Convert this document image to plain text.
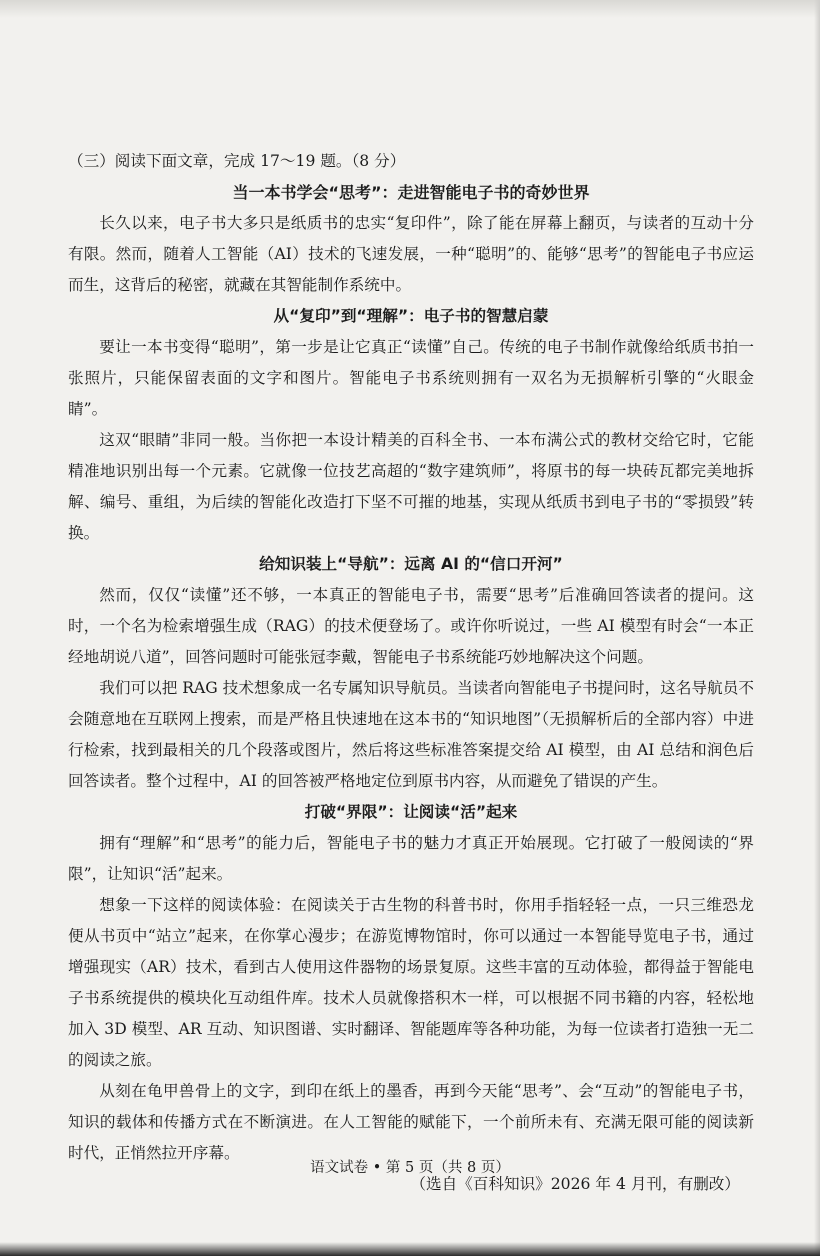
（三）阅读下面文章，完成 17～19 题。（8 分）

当一本书学会“思考”：走进智能电子书的奇妙世界

长久以来，电子书大多只是纸质书的忠实“复印件”，除了能在屏幕上翻页，与读者的互动十分有限。然而，随着人工智能（AI）技术的飞速发展，一种“聪明”的、能够“思考”的智能电子书应运而生，这背后的秘密，就藏在其智能制作系统中。

从“复印”到“理解”：电子书的智慧启蒙

要让一本书变得“聪明”，第一步是让它真正“读懂”自己。传统的电子书制作就像给纸质书拍一张照片，只能保留表面的文字和图片。智能电子书系统则拥有一双名为无损解析引擎的“火眼金睛”。

这双“眼睛”非同一般。当你把一本设计精美的百科全书、一本布满公式的教材交给它时，它能精准地识别出每一个元素。它就像一位技艺高超的“数字建筑师”，将原书的每一块砖瓦都完美地拆解、编号、重组，为后续的智能化改造打下坚不可摧的地基，实现从纸质书到电子书的“零损毁”转换。

给知识装上“导航”：远离 AI 的“信口开河”

然而，仅仅“读懂”还不够，一本真正的智能电子书，需要“思考”后准确回答读者的提问。这时，一个名为检索增强生成（RAG）的技术便登场了。或许你听说过，一些 AI 模型有时会“一本正经地胡说八道”，回答问题时可能张冠李戴，智能电子书系统能巧妙地解决这个问题。

我们可以把 RAG 技术想象成一名专属知识导航员。当读者向智能电子书提问时，这名导航员不会随意地在互联网上搜索，而是严格且快速地在这本书的“知识地图”（无损解析后的全部内容）中进行检索，找到最相关的几个段落或图片，然后将这些标准答案提交给 AI 模型，由 AI 总结和润色后回答读者。整个过程中，AI 的回答被严格地定位到原书内容，从而避免了错误的产生。

打破“界限”：让阅读“活”起来

拥有“理解”和“思考”的能力后，智能电子书的魅力才真正开始展现。它打破了一般阅读的“界限”，让知识“活”起来。

想象一下这样的阅读体验：在阅读关于古生物的科普书时，你用手指轻轻一点，一只三维恐龙便从书页中“站立”起来，在你掌心漫步；在游览博物馆时，你可以通过一本智能导览电子书，通过增强现实（AR）技术，看到古人使用这件器物的场景复原。这些丰富的互动体验，都得益于智能电子书系统提供的模块化互动组件库。技术人员就像搭积木一样，可以根据不同书籍的内容，轻松地加入 3D 模型、AR 互动、知识图谱、实时翻译、智能题库等各种功能，为每一位读者打造独一无二的阅读之旅。

从刻在龟甲兽骨上的文字，到印在纸上的墨香，再到今天能“思考”、会“互动”的智能电子书，知识的载体和传播方式在不断演进。在人工智能的赋能下，一个前所未有、充满无限可能的阅读新时代，正悄然拉开序幕。

（选自《百科知识》2026 年 4 月刊，有删改）

语文试卷 • 第 5 页（共 8 页）
